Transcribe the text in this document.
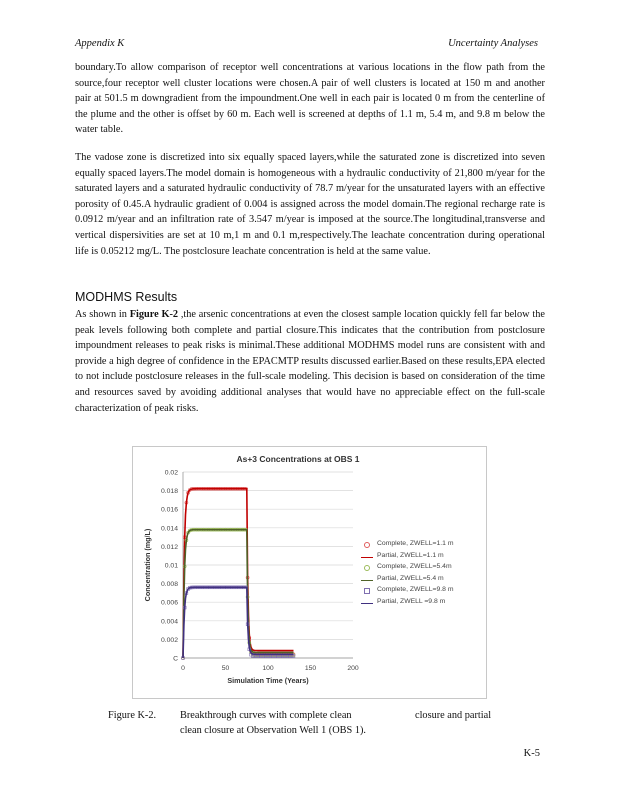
Appendix K	Uncertainty Analyses
boundary.To allow comparison of receptor well concentrations at various locations in the flow path from the source,four receptor well cluster locations were chosen.A pair of well clusters is located at 150 m and another pair at 501.5 m downgradient from the impoundment.One well in each pair is located 0 m from the centerline of the plume and the other is offset by 60 m. Each well is screened at depths of 1.1 m, 5.4 m, and 9.8 m below the water table.
The vadose zone is discretized into six equally spaced layers,while the saturated zone is discretized into seven equally spaced layers.The model domain is homogeneous with a hydraulic conductivity of 21,800 m/year for the saturated layers and a saturated hydraulic conductivity of 78.7 m/year for the unsaturated layers with an effective porosity of 0.45.A hydraulic gradient of 0.004 is assigned across the model domain.The regional recharge rate is 0.0912 m/year and an infiltration rate of 3.547 m/year is imposed at the source.The longitudinal,transverse and vertical dispersivities are set at 10 m,1 m and 0.1 m,respectively.The leachate concentration during operational life is 0.05212 mg/L. The postclosure leachate concentration is held at the same value.
MODHMS Results
As shown in Figure K-2 ,the arsenic concentrations at even the closest sample location quickly fell far below the peak levels following both complete and partial closure.This indicates that the contribution from postclosure impoundment releases to peak risks is minimal.These additional MODHMS model runs are consistent with and provide a high degree of confidence in the EPACMTP results discussed earlier.Based on these results,EPA elected to not include postclosure releases in the full-scale modeling. This decision is based on consideration of the time and resources saved by avoiding additional analyses that would have no appreciable effect on the full-scale characterization of peak risks.
As+3 Concentrations at OBS 1
C
0.002
0.004
0.006
0.008
0.01
0.012
0.014
0.016
0.018
0.02
0	50	100	150	200
Simulation Time (Years)
Concentration (mg/L)	Complete, ZWELL=1.1 m
Partial, ZWELL=1.1 m
Complete, ZWELL=5.4m
Partial, ZWELL=5.4 m
Complete, ZWELL=9.8 m
Partial, ZWELL =9.8 m
Figure K-2. Breakthrough curves with complete clean
clean closure at Observation Well 1 (OBS 1).
closure and partial
K-5
